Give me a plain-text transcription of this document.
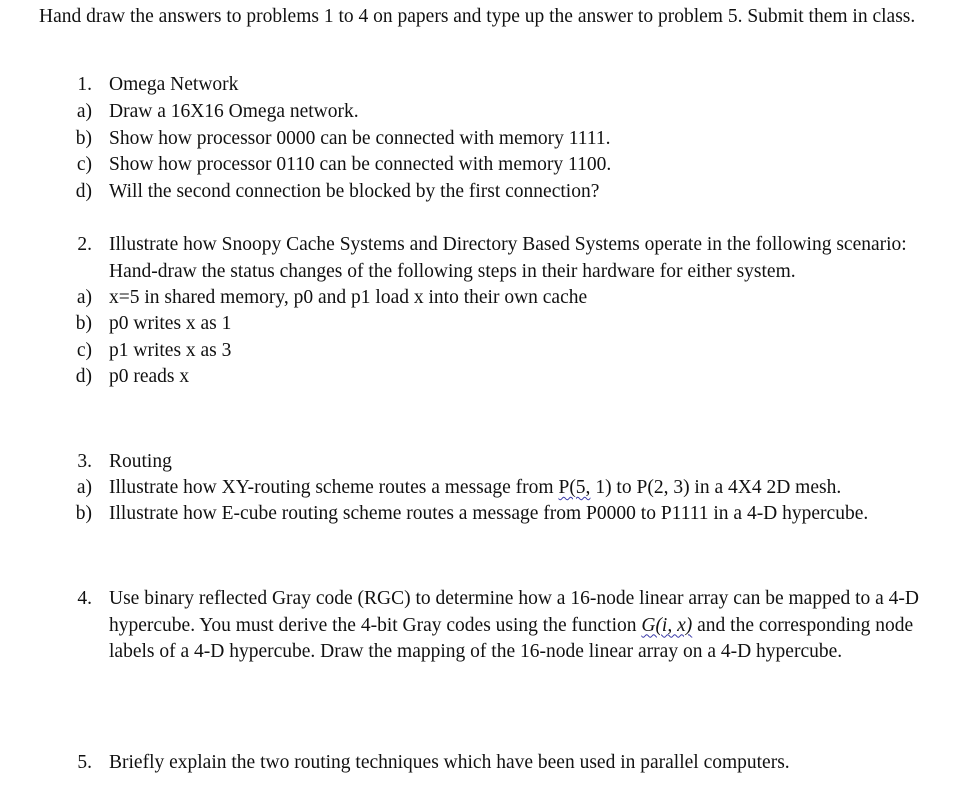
Hand draw the answers to problems 1 to 4 on papers and type up the answer to problem 5. Submit them in class.
1. Omega Network
a) Draw a 16X16 Omega network.
b) Show how processor 0000 can be connected with memory 1111.
c) Show how processor 0110 can be connected with memory 1100.
d) Will the second connection be blocked by the first connection?
2. Illustrate how Snoopy Cache Systems and Directory Based Systems operate in the following scenario: Hand-draw the status changes of the following steps in their hardware for either system.
a) x=5 in shared memory, p0 and p1 load x into their own cache
b) p0 writes x as 1
c) p1 writes x as 3
d) p0 reads x
3. Routing
a) Illustrate how XY-routing scheme routes a message from P(5, 1) to P(2, 3) in a 4X4 2D mesh.
b) Illustrate how E-cube routing scheme routes a message from P0000 to P1111 in a 4-D hypercube.
4. Use binary reflected Gray code (RGC) to determine how a 16-node linear array can be mapped to a 4-D hypercube. You must derive the 4-bit Gray codes using the function G(i, x) and the corresponding node labels of a 4-D hypercube. Draw the mapping of the 16-node linear array on a 4-D hypercube.
5. Briefly explain the two routing techniques which have been used in parallel computers.
